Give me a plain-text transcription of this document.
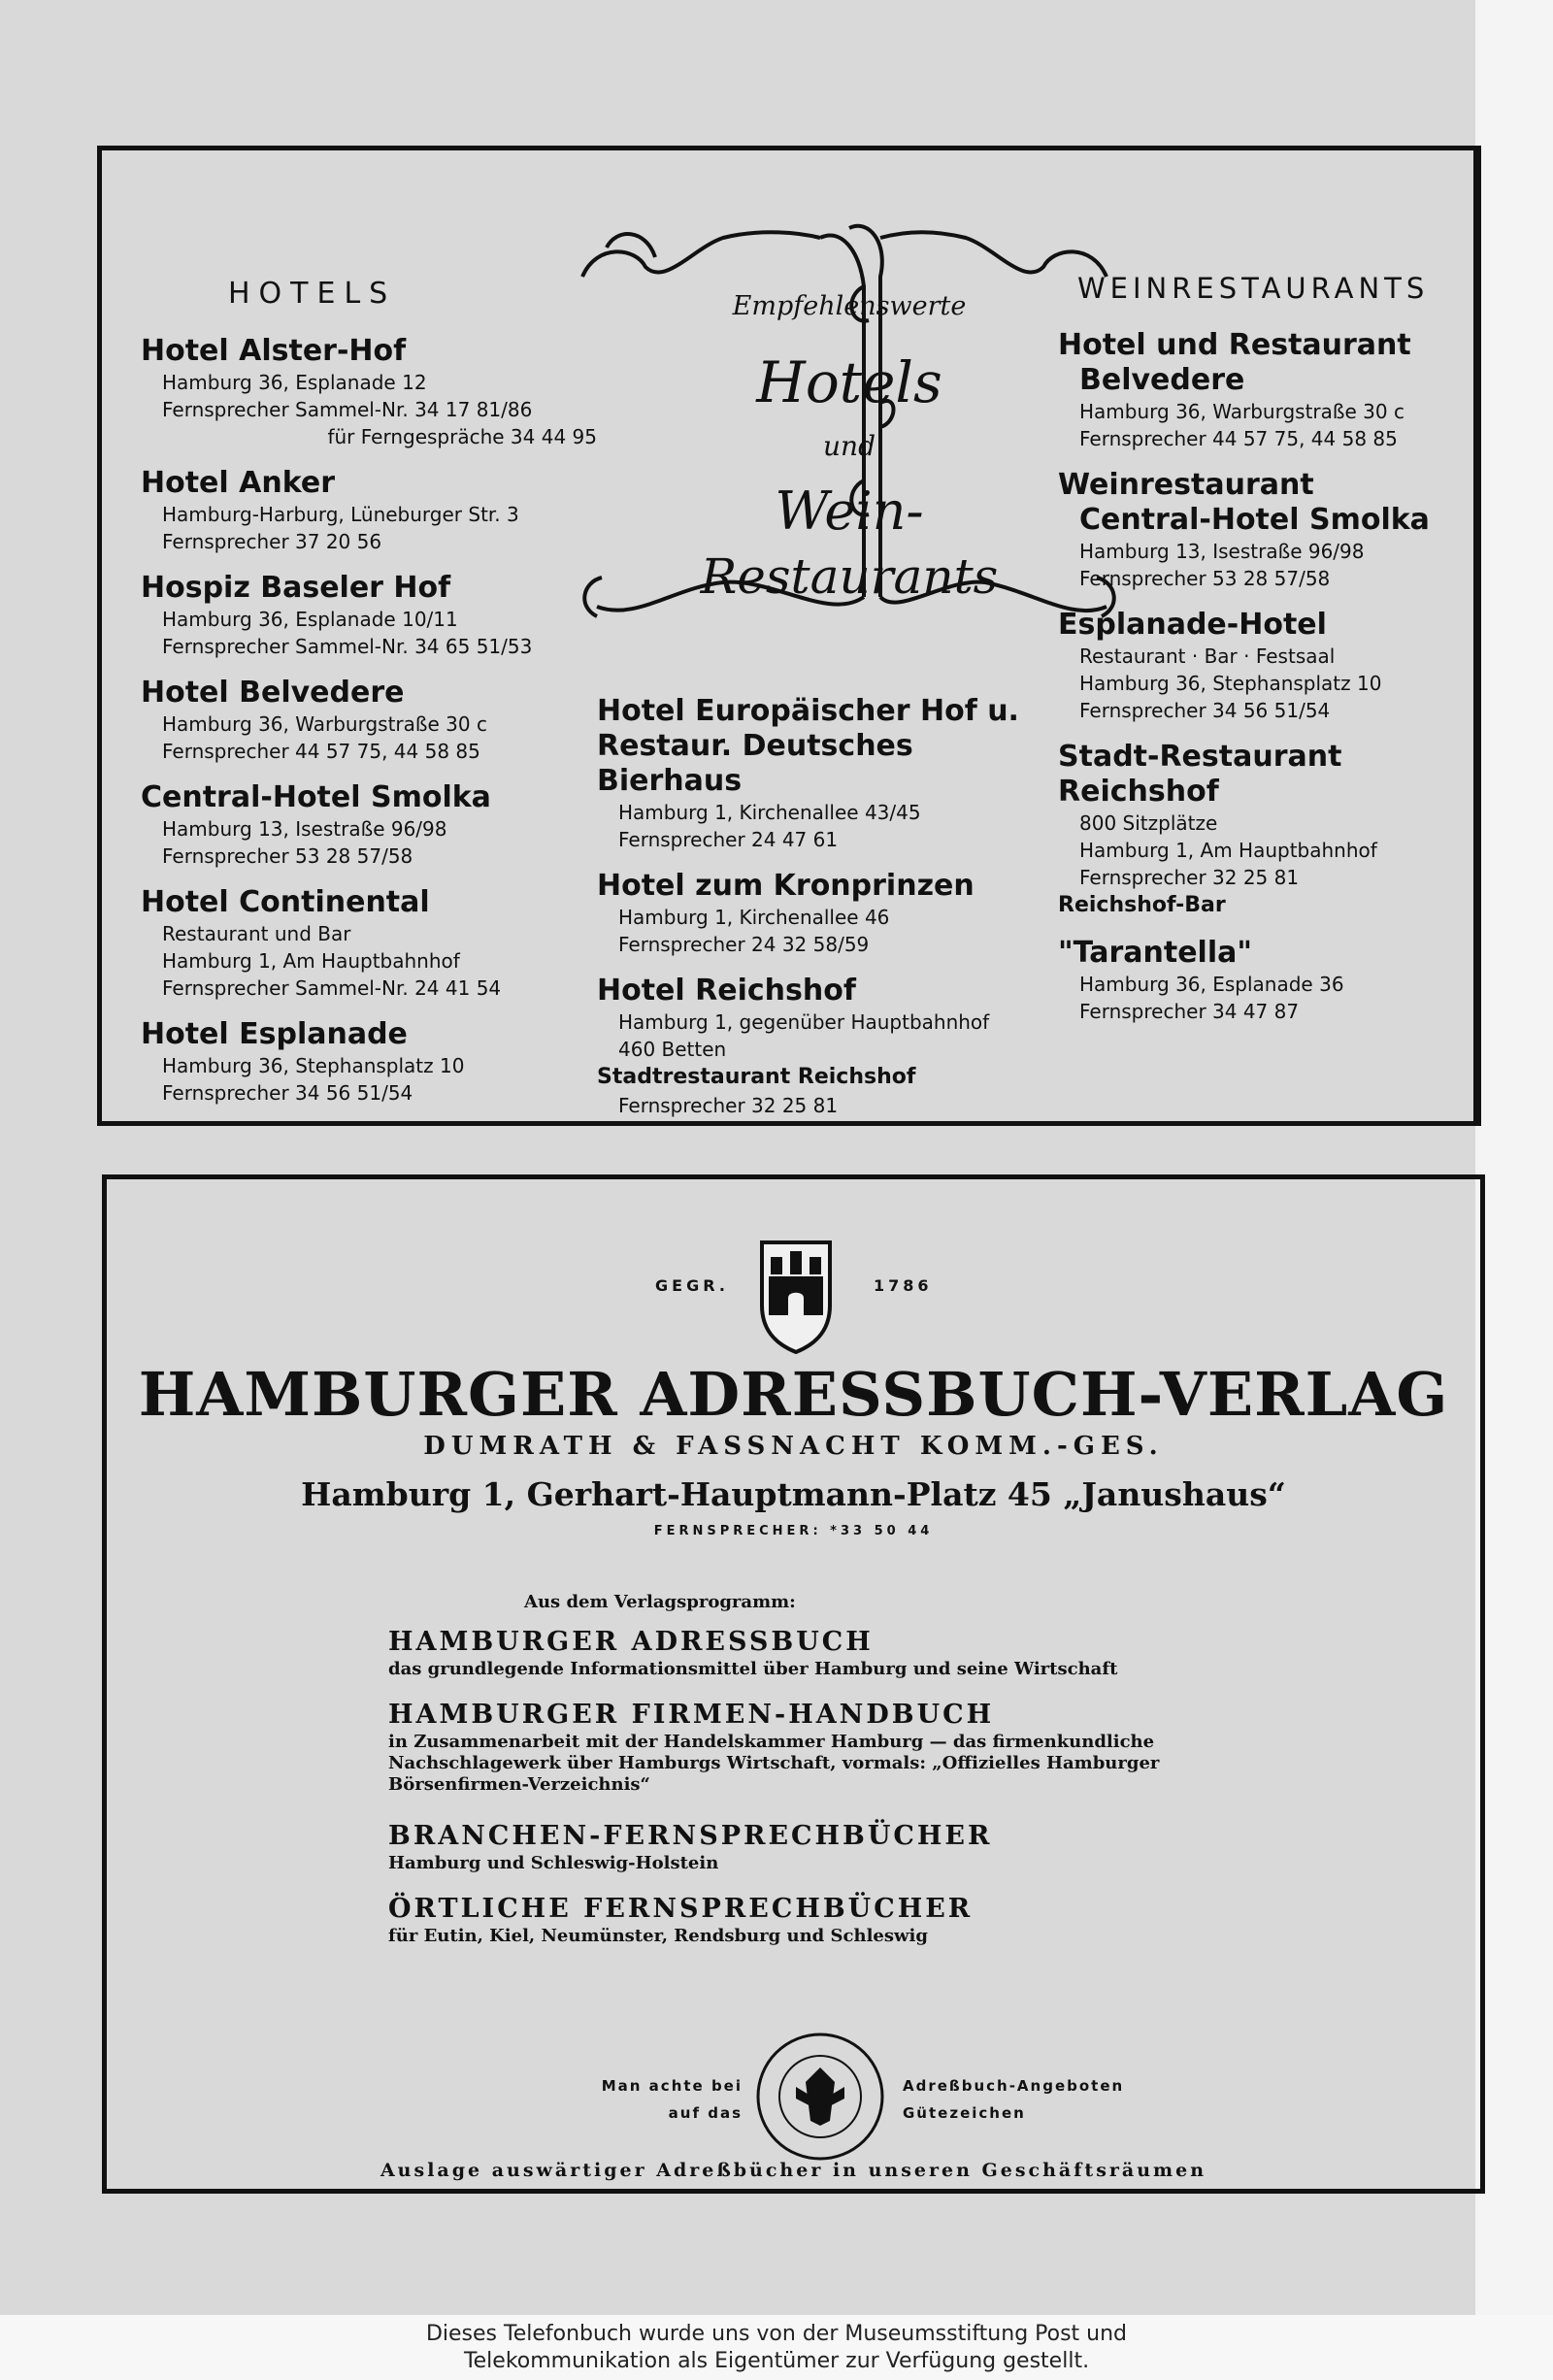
Empfehlenswerte
Hotels
und
Wein-
Restaurants
HOTELS
Hotel Alster-Hof
Hamburg 36, Esplanade 12
Fernsprecher Sammel-Nr. 34 17 81/86
für Ferngespräche 34 44 95
Hotel Anker
Hamburg-Harburg, Lüneburger Str. 3
Fernsprecher 37 20 56
Hospiz Baseler Hof
Hamburg 36, Esplanade 10/11
Fernsprecher Sammel-Nr. 34 65 51/53
Hotel Belvedere
Hamburg 36, Warburgstraße 30 c
Fernsprecher 44 57 75, 44 58 85
Central-Hotel Smolka
Hamburg 13, Isestraße 96/98
Fernsprecher 53 28 57/58
Hotel Continental
Restaurant und Bar
Hamburg 1, Am Hauptbahnhof
Fernsprecher Sammel-Nr. 24 41 54
Hotel Esplanade
Hamburg 36, Stephansplatz 10
Fernsprecher 34 56 51/54
Hotel Europäischer Hof u.
Restaur. Deutsches Bierhaus
Hamburg 1, Kirchenallee 43/45
Fernsprecher 24 47 61
Hotel zum Kronprinzen
Hamburg 1, Kirchenallee 46
Fernsprecher 24 32 58/59
Hotel Reichshof
Hamburg 1, gegenüber Hauptbahnhof
460 Betten
Stadtrestaurant Reichshof
Fernsprecher 32 25 81
WEINRESTAURANTS
Hotel und Restaurant
Belvedere
Hamburg 36, Warburgstraße 30 c
Fernsprecher 44 57 75, 44 58 85
Weinrestaurant
Central-Hotel Smolka
Hamburg 13, Isestraße 96/98
Fernsprecher 53 28 57/58
Esplanade-Hotel
Restaurant · Bar · Festsaal
Hamburg 36, Stephansplatz 10
Fernsprecher 34 56 51/54
Stadt-Restaurant Reichshof
800 Sitzplätze
Hamburg 1, Am Hauptbahnhof
Fernsprecher 32 25 81
Reichshof-Bar
"Tarantella"
Hamburg 36, Esplanade 36
Fernsprecher 34 47 87
GEGR.	1786
HAMBURGER ADRESSBUCH-VERLAG
DUMRATH & FASSNACHT KOMM.-GES.
Hamburg 1, Gerhart-Hauptmann-Platz 45 „Janushaus“
FERNSPRECHER: *33 50 44
Aus dem Verlagsprogramm:
HAMBURGER ADRESSBUCH
das grundlegende Informationsmittel über Hamburg und seine Wirtschaft
HAMBURGER FIRMEN-HANDBUCH
in Zusammenarbeit mit der Handelskammer Hamburg — das firmenkundliche
Nachschlagewerk über Hamburgs Wirtschaft, vormals: „Offizielles Hamburger
Börsenfirmen-Verzeichnis“
BRANCHEN-FERNSPRECHBÜCHER
Hamburg und Schleswig-Holstein
ÖRTLICHE FERNSPRECHBÜCHER
für Eutin, Kiel, Neumünster, Rendsburg und Schleswig
Man achte bei
auf das
Adreßbuch-Angeboten
Gütezeichen
Auslage auswärtiger Adreßbücher in unseren Geschäftsräumen
Dieses Telefonbuch wurde uns von der Museumsstiftung Post und
Telekommunikation als Eigentümer zur Verfügung gestellt.
